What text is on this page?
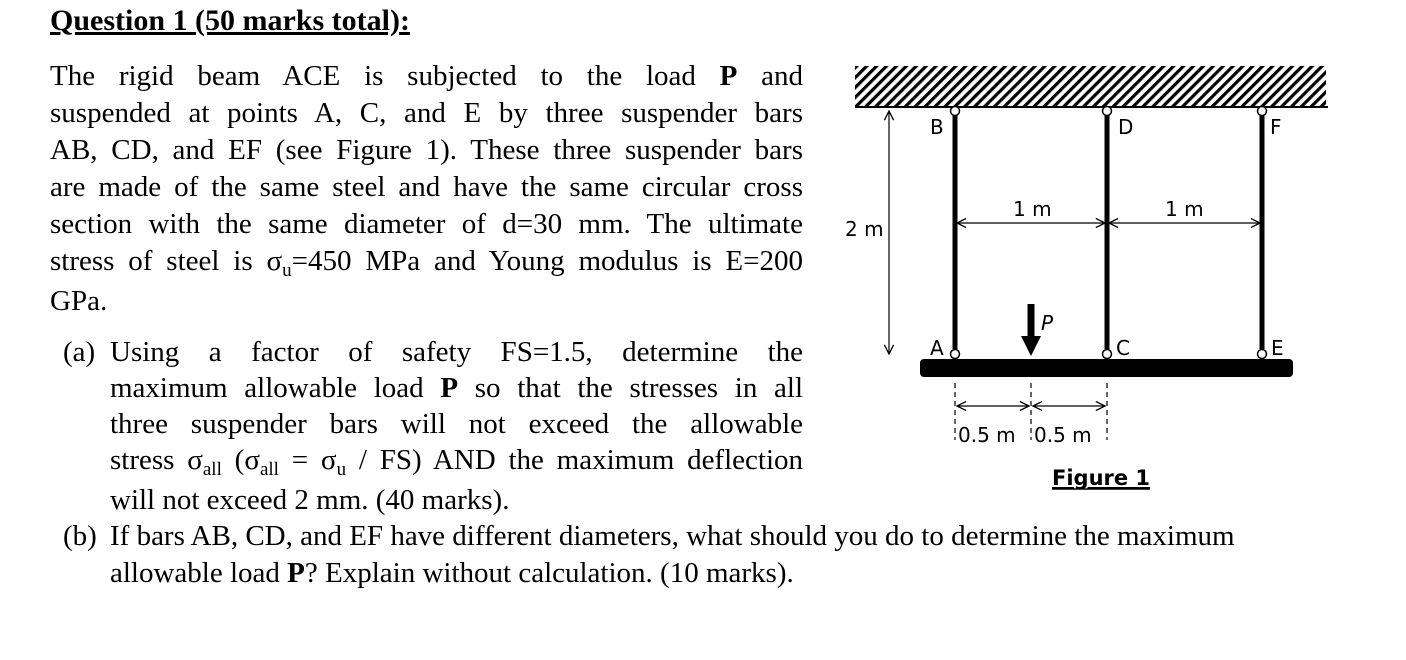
Question 1 (50 marks total):
The rigid beam ACE is subjected to the load P and
suspended at points A, C, and E by three suspender bars
AB, CD, and EF (see Figure 1). These three suspender bars
are made of the same steel and have the same circular cross
section with the same diameter of d=30 mm. The ultimate
stress of steel is $\sigma_u=450$ MPa and Young modulus is E=200
GPa.
(a) Using a factor of safety FS=1.5, determine the
maximum allowable load P so that the stresses in all
three suspender bars will not exceed the allowable
stress $\sigma_{all}$ $(\sigma_{all} = \sigma_u / FS)$ AND the maximum deflection
will not exceed 2 mm. (40 marks).
(b) If bars AB, CD, and EF have different diameters, what should you do to determine the maximum
allowable load P? Explain without calculation. (10 marks).
B	D	F
A	C	E
P
2 m
1 m	1 m
0.5 m 0.5 m
Figure 1
